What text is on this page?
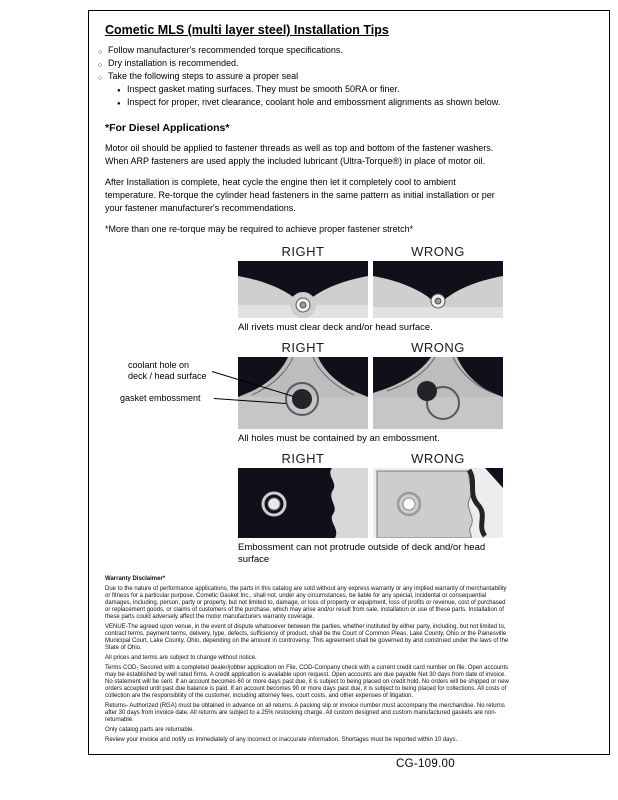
Cometic MLS (multi layer steel) Installation Tips
○ Follow manufacturer's recommended torque specifications.
○ Dry installation is recommended.
○ Take the following steps to assure a proper seal
● Inspect gasket mating surfaces. They must be smooth 50RA or finer.
● Inspect for proper, rivet clearance, coolant hole and embossment alignments as shown below.
*For Diesel Applications*
Motor oil should be applied to fastener threads as well as top and bottom of the fastener washers. When ARP fasteners are used apply the included lubricant (Ultra-Torque®) in place of motor oil.
After Installation is complete, heat cycle the engine then let it completely cool to ambient temperature. Re-torque the cylinder head fasteners in the same pattern as initial installation or per your fastener manufacturer's recommendations.
*More than one re-torque may be required to achieve proper fastener stretch*
RIGHT	WRONG
All rivets must clear deck and/or head surface.
coolant hole on deck / head surface
gasket embossment
RIGHT	WRONG
All holes must be contained by an embossment.
RIGHT	WRONG
Embossment can not protrude outside of deck and/or head surface
Warranty Disclaimer*

Due to the nature of performance applications, the parts in this catalog are sold without any express warranty or any implied warranty of merchantability or fitness for a particular purpose. Cometic Gasket Inc., shall not, under any circumstances, be liable for any special, incidental or consequential damages, including, person, party or property, but not limited to, damage, or loss of property or equipment, loss of profits or revenue, cost of purchased or replacement goods, or claims of customers of the purchase, which may arise and/or result from sale, installation or use of these parts. Installation of these parts could adversely affect the motor manufacturers warranty coverage.

VENUE-The agreed upon venue, in the event of dispute whatsoever between the parties, whether instituted by either party, including, but not limited to, contract terms, payment terms, delivery, type, defects, sufficiency of product, shall be the Court of Common Pleas, Lake County, Ohio or the Painesville Municipal Court, Lake County, Ohio, depending on the amount in controversy. This agreement shall be governed by and construed under the laws of the State of Ohio.

All prices and terms are subject to change without notice.

Terms COD- Secured with a completed dealer/jobber application on File, COD-Company check with a current credit card number on file. Open accounts may be established by well rated firms. A credit application is available upon request. Open accounts are due payable Net 30 days from date of invoice. No statement will be sent. If an account becomes 60 or more days past due, it is subject to being placed on credit hold. No orders will be shipped or new orders accepted until past due balance is paid. If an account becomes 90 or more days past due, it is subject to being placed for collections. All costs of collection are the responsibility of the customer, including attorney fees, court costs, and other expenses of litigation.

Returns- Authorized (RGA) must be obtained in advance on all returns. A packing slip or invoice number must accompany the merchandise. No returns after 30 days from invoice date. All returns are subject to a 25% restocking charge. All custom designed and custom manufactured gaskets are non-returnable.

Only catalog parts are returnable.

Review your invoice and notify us immediately of any incorrect or inaccurate information. Shortages must be reported within 10 days.

CG-109.00
